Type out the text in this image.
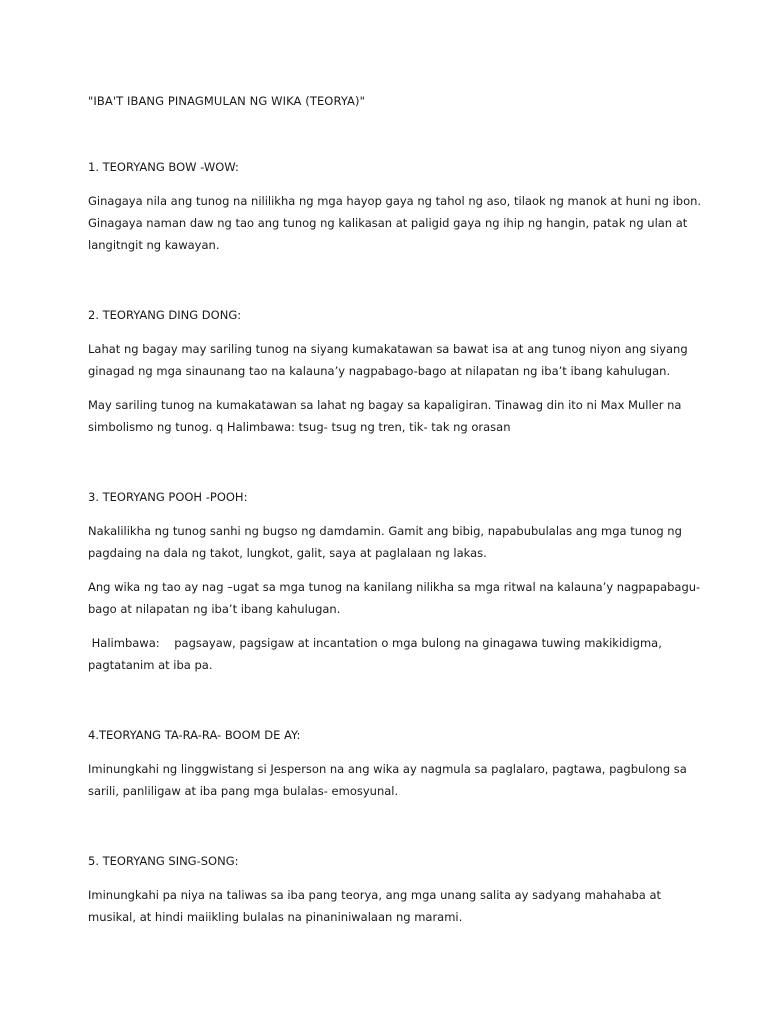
"IBA'T IBANG PINAGMULAN NG WIKA (TEORYA)"
1. TEORYANG BOW -WOW:

Ginagaya nila ang tunog na nililikha ng mga hayop gaya ng tahol ng aso, tilaok ng manok at huni ng ibon. Ginagaya naman daw ng tao ang tunog ng kalikasan at paligid gaya ng ihip ng hangin, patak ng ulan at langitngit ng kawayan.

2. TEORYANG DING DONG:

Lahat ng bagay may sariling tunog na siyang kumakatawan sa bawat isa at ang tunog niyon ang siyang ginagad ng mga sinaunang tao na kalauna’y nagpabago-bago at nilapatan ng iba’t ibang kahulugan.

May sariling tunog na kumakatawan sa lahat ng bagay sa kapaligiran. Tinawag din ito ni Max Muller na simbolismo ng tunog. q Halimbawa: tsug- tsug ng tren, tik- tak ng orasan

3. TEORYANG POOH -POOH:

Nakalilikha ng tunog sanhi ng bugso ng damdamin. Gamit ang bibig, napabubulalas ang mga tunog ng pagdaing na dala ng takot, lungkot, galit, saya at paglalaan ng lakas.

Ang wika ng tao ay nag –ugat sa mga tunog na kanilang nilikha sa mga ritwal na kalauna’y nagpapabagu-bago at nilapatan ng iba’t ibang kahulugan.

Halimbawa:    pagsayaw, pagsigaw at incantation o mga bulong na ginagawa tuwing makikidigma, pagtatanim at iba pa.

4.TEORYANG TA-RA-RA- BOOM DE AY:

Iminungkahi ng linggwistang si Jesperson na ang wika ay nagmula sa paglalaro, pagtawa, pagbulong sa sarili, panliligaw at iba pang mga bulalas- emosyunal.

5. TEORYANG SING-SONG:

Iminungkahi pa niya na taliwas sa iba pang teorya, ang mga unang salita ay sadyang mahahaba at musikal, at hindi maiikling bulalas na pinaniniwalaan ng marami.
